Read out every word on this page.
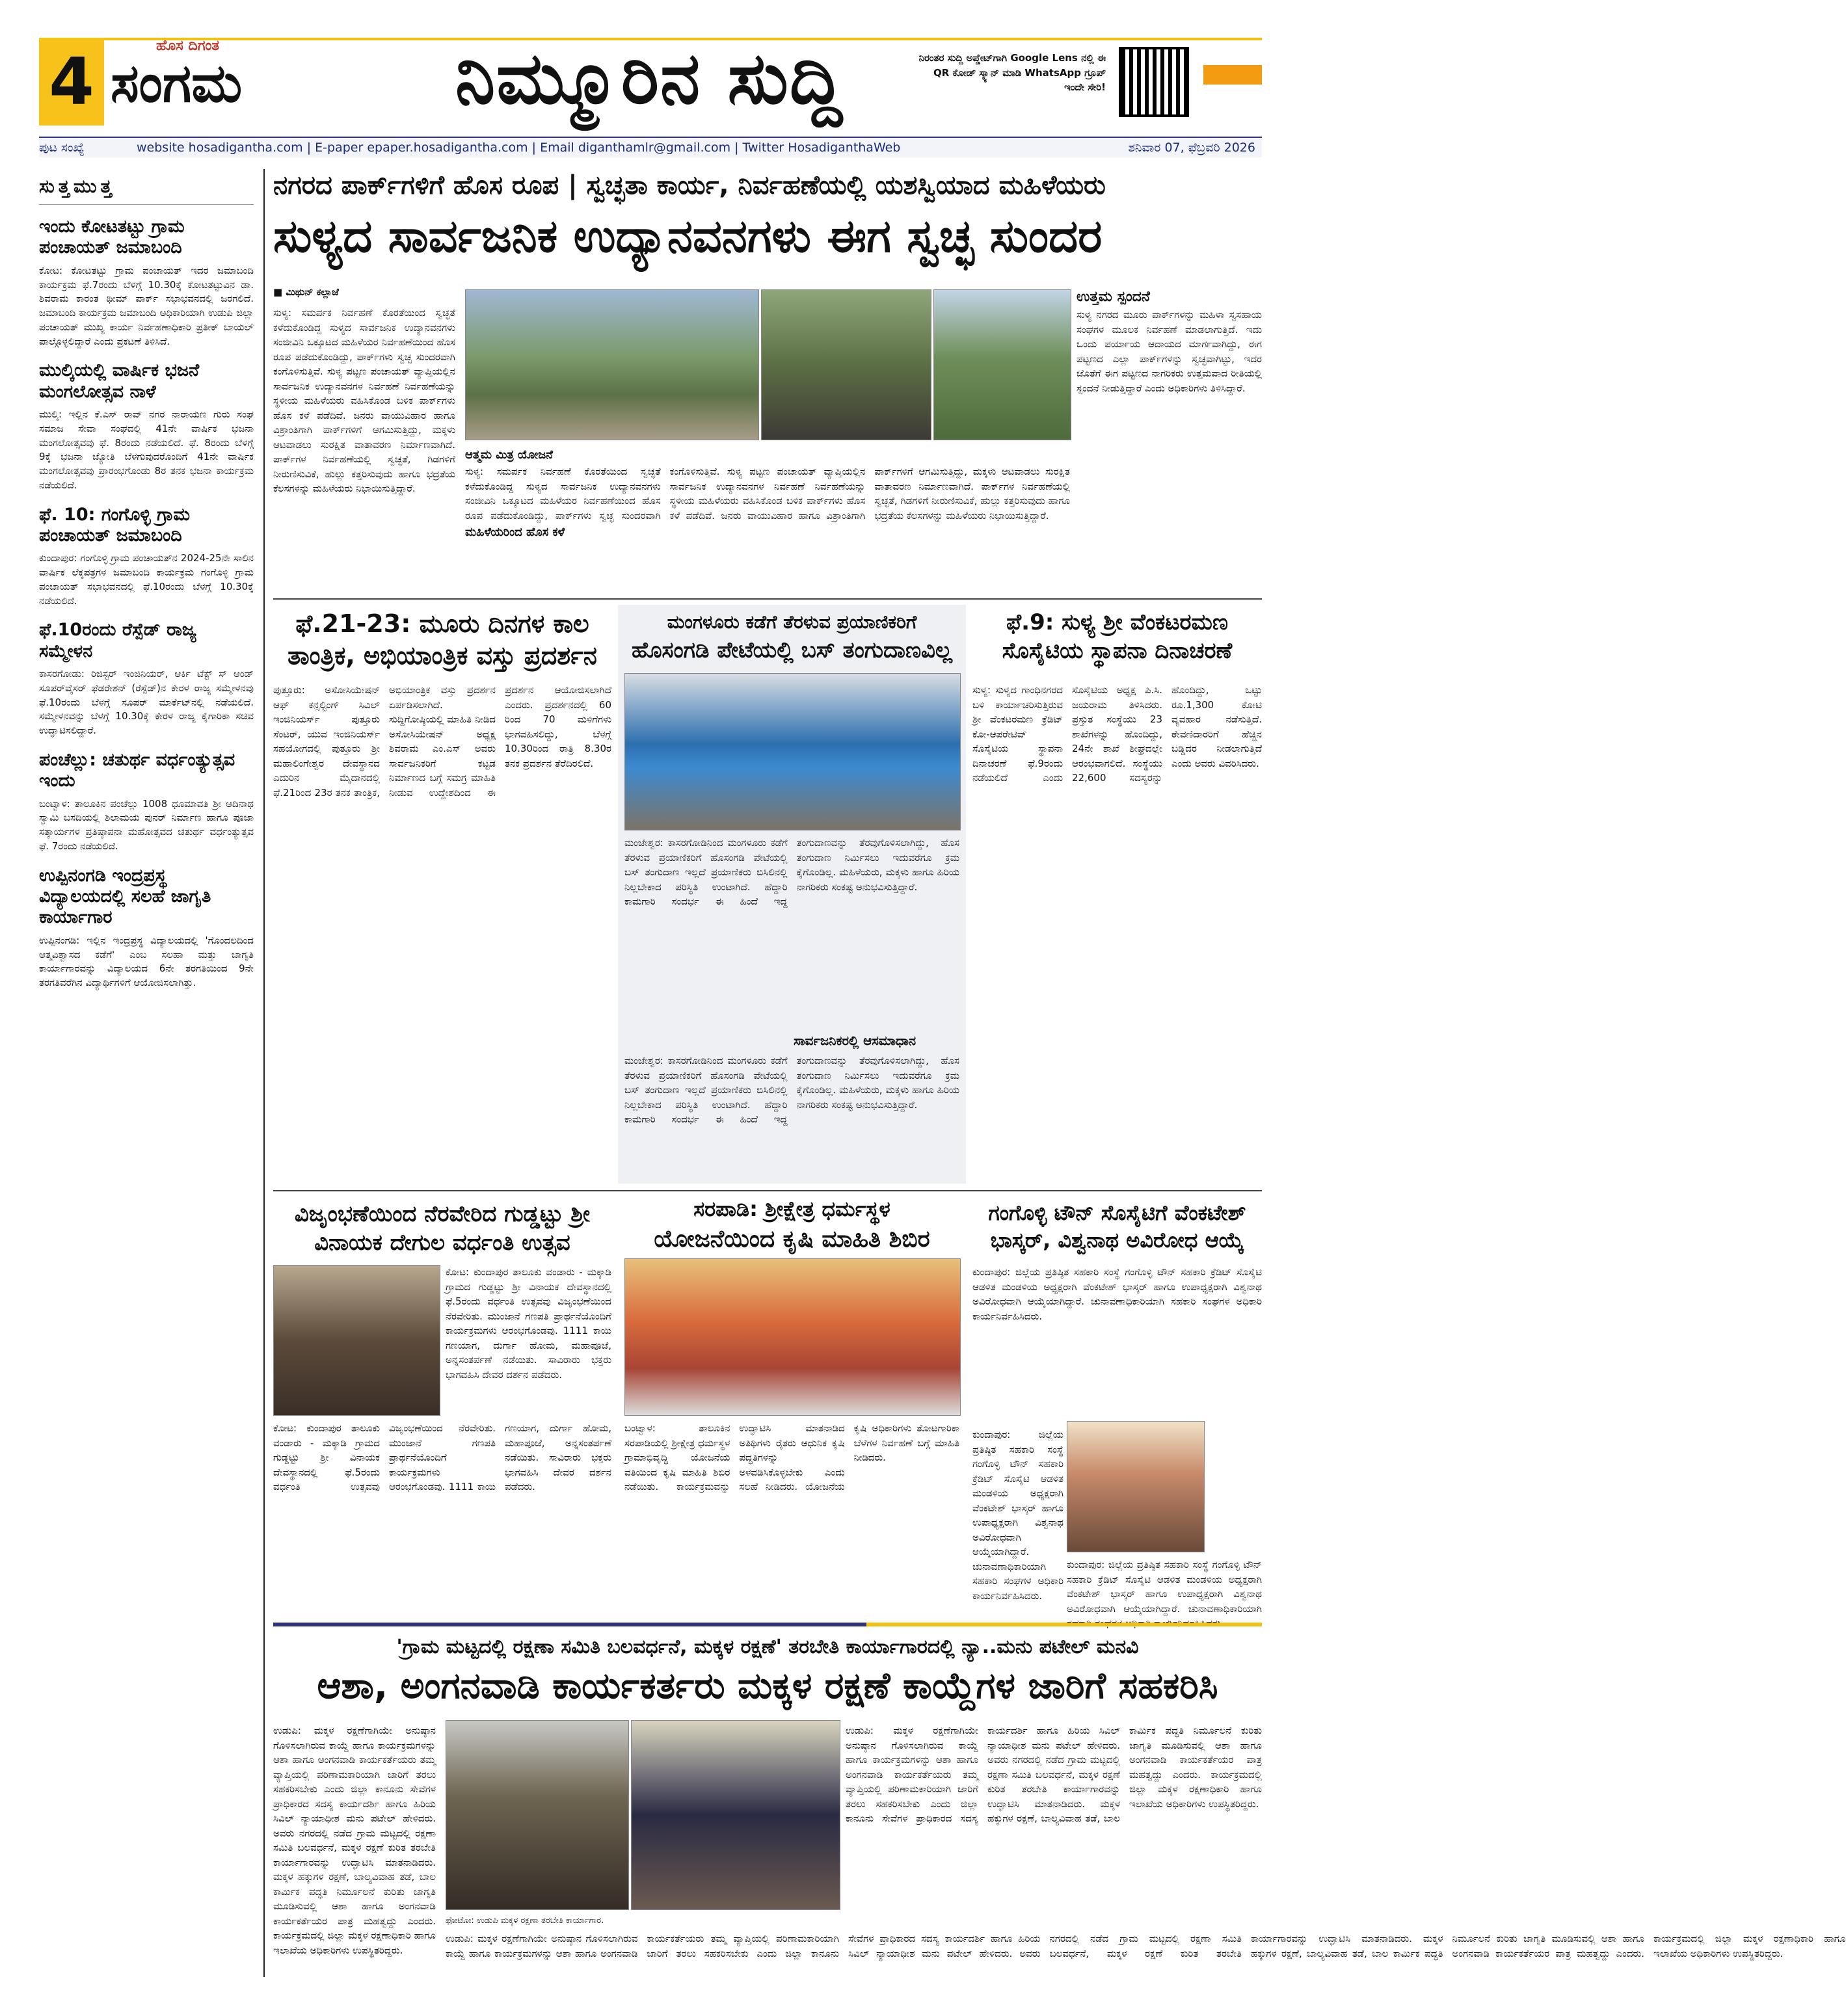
4	ಹೊಸ ದಿಗಂತ
ಸಂಗಮ	ನಿಮ್ಮೂರಿನ ಸುದ್ದಿ	ನಿರಂತರ ಸುದ್ದಿ ಅಪ್ಡೇಟ್‌ಗಾಗಿ Google Lens ನಲ್ಲಿ ಈ QR ಕೋಡ್ ಸ್ಕ್ಯಾನ್ ಮಾಡಿ WhatsApp ಗ್ರೂಪ್ ಇಂದೇ ಸೇರಿ!
ಪುಟ ಸಂಖ್ಯೆ	website hosadigantha.com | E-paper epaper.hosadigantha.com | Email diganthamlr@gmail.com | Twitter HosadiganthaWeb	ಶನಿವಾರ 07, ಫೆಬ್ರವರಿ 2026
ಸುತ್ತಮುತ್ತ
ಇಂದು ಕೋಟತಟ್ಟು ಗ್ರಾಮ ಪಂಚಾಯತ್ ಜಮಾಬಂದಿ

ಕೋಟ: ಕೋಟತಟ್ಟು ಗ್ರಾಮ ಪಂಚಾಯತ್ ಇದರ ಜಮಾಬಂದಿ ಕಾರ್ಯಕ್ರಮ ಫೆ.7ರಂದು ಬೆಳಗ್ಗೆ 10.30ಕ್ಕೆ ಕೋಟತಟ್ಟುವಿನ ಡಾ. ಶಿವರಾಮ ಕಾರಂತ ಥೀಮ್ ಪಾರ್ಕ್ ಸಭಾಭವನದಲ್ಲಿ ಜರಗಲಿದೆ. ಜಮಾಬಂದಿ ಕಾರ್ಯಕ್ರಮ ಜಮಾಬಂದಿ ಅಧಿಕಾರಿಯಾಗಿ ಉಡುಪಿ ಜಿಲ್ಲಾ ಪಂಚಾಯತ್ ಮುಖ್ಯ ಕಾರ್ಯ ನಿರ್ವಹಣಾಧಿಕಾರಿ ಪ್ರತೀಕ್ ಬಾಯಲ್ ಪಾಲ್ಗೊಳ್ಳಲಿದ್ದಾರೆ ಎಂದು ಪ್ರಕಟಣೆ ತಿಳಿಸಿದೆ.

ಮುಲ್ಕಿಯಲ್ಲಿ ವಾರ್ಷಿಕ ಭಜನೆ ಮಂಗಲೋತ್ಸವ ನಾಳೆ

ಮುಲ್ಕಿ: ಇಲ್ಲಿನ ಕೆ.ಎಸ್ ರಾವ್ ನಗರ ನಾರಾಯಣ ಗುರು ಸಂಘ ಸಮಾಜ ಸೇವಾ ಸಂಘದಲ್ಲಿ 41ನೇ ವಾರ್ಷಿಕ ಭಜನಾ ಮಂಗಲೋತ್ಸವವು ಫೆ. 8ರಂದು ನಡೆಯಲಿದೆ. ಫೆ. 8ರಂದು ಬೆಳಗ್ಗೆ 9ಕ್ಕೆ ಭಜನಾ ಜ್ಯೋತಿ ಬೆಳಗುವುದರೊಂದಿಗೆ 41ನೇ ವಾರ್ಷಿಕ ಮಂಗಲೋತ್ಸವವು ಪ್ರಾರಂಭಗೊಂಡು 8ರ ತನಕ ಭಜನಾ ಕಾರ್ಯಕ್ರಮ ನಡೆಯಲಿದೆ.

ಫೆ. 10: ಗಂಗೊಳ್ಳಿ ಗ್ರಾಮ ಪಂಚಾಯತ್ ಜಮಾಬಂದಿ

ಕುಂದಾಪುರ: ಗಂಗೊಳ್ಳಿ ಗ್ರಾಮ ಪಂಚಾಯತ್‌ನ 2024-25ನೇ ಸಾಲಿನ ವಾರ್ಷಿಕ ಲೆಕ್ಕಪತ್ರಗಳ ಜಮಾಬಂದಿ ಕಾರ್ಯಕ್ರಮ ಗಂಗೊಳ್ಳಿ ಗ್ರಾಮ ಪಂಚಾಯತ್ ಸಭಾಭವನದಲ್ಲಿ ಫೆ.10ರಂದು ಬೆಳಗ್ಗೆ 10.30ಕ್ಕೆ ನಡೆಯಲಿದೆ.

ಫೆ.10ರಂದು ರೆಸ್ಪೆಡ್ ರಾಜ್ಯ ಸಮ್ಮೇಳನ

ಕಾಸರಗೋಡು: ರಿಜಿಸ್ಟರ್ ಇಂಜಿನಿಯರ್, ಆರ್ಕಿ ಟೆಕ್ಟ್ ಸ್ ಆಂಡ್ ಸೂಪರ್‌ವೈಸರ್ ಫೆಡರೇಶನ್ (ರೆಸ್ಪೆಡ್)ನ ಕೇರಳ ರಾಜ್ಯ ಸಮ್ಮೇಳನವು ಫೆ.10ರಂದು ಬೆಳಗ್ಗೆ ಸೂಪರ್ ಮಾರ್ಕೆಟ್‌ನಲ್ಲಿ ನಡೆಯಲಿದೆ. ಸಮ್ಮೇಳನವನ್ನು ಬೆಳಗ್ಗೆ 10.30ಕ್ಕೆ ಕೇರಳ ರಾಜ್ಯ ಕೈಗಾರಿಕಾ ಸಚಿವ ಉದ್ಘಾಟಿಸಲಿದ್ದಾರೆ.

ಪಂಚೆಲ್ಲು: ಚತುರ್ಥ ವರ್ಧಂತ್ಯುತ್ಸವ ಇಂದು

ಬಂಟ್ವಾಳ: ತಾಲೂಕಿನ ಪಂಚೆಲ್ಲು 1008 ಧೂಮಾವತಿ ಶ್ರೀ ಆದಿನಾಥ ಸ್ವಾಮಿ ಬಸದಿಯಲ್ಲಿ ಶಿಲಾಮಯ ಪುನರ್ ನಿರ್ಮಾಣ ಹಾಗೂ ಪೂಜಾ ಸತ್ಕಾರ್ಯಗಳ ಪ್ರತಿಷ್ಠಾಪನಾ ಮಹೋತ್ಸವದ ಚತುರ್ಥ ವರ್ಧಂತ್ಯುತ್ಸವ ಫೆ. 7ರಂದು ನಡೆಯಲಿದೆ.

ಉಪ್ಪಿನಂಗಡಿ ಇಂದ್ರಪ್ರಸ್ಥ ವಿದ್ಯಾಲಯದಲ್ಲಿ ಸಲಹೆ ಜಾಗೃತಿ ಕಾರ್ಯಾಗಾರ

ಉಪ್ಪಿನಂಗಡಿ: ಇಲ್ಲಿನ ಇಂದ್ರಪ್ರಸ್ಥ ವಿದ್ಯಾಲಯದಲ್ಲಿ 'ಗೊಂದಲದಿಂದ ಆತ್ಮವಿಶ್ವಾಸದ ಕಡೆಗೆ' ಎಂಬ ಸಲಹಾ ಮತ್ತು ಜಾಗೃತಿ ಕಾರ್ಯಾಗಾರವನ್ನು ವಿದ್ಯಾಲಯದ 6ನೇ ತರಗತಿಯಿಂದ 9ನೇ ತರಗತಿವರೆಗಿನ ವಿದ್ಯಾರ್ಥಿಗಳಿಗೆ ಆಯೋಜಿಸಲಾಗಿತ್ತು.

ನಗರದ ಪಾರ್ಕ್‌ಗಳಿಗೆ ಹೊಸ ರೂಪ | ಸ್ವಚ್ಛತಾ ಕಾರ್ಯ, ನಿರ್ವಹಣೆಯಲ್ಲಿ ಯಶಸ್ವಿಯಾದ ಮಹಿಳೆಯರು
ಸುಳ್ಯದ ಸಾರ್ವಜನಿಕ ಉದ್ಯಾನವನಗಳು ಈಗ ಸ್ವಚ್ಛ ಸುಂದರ
■ ಮಿಥುನ್ ಕಲ್ಲಾಜೆ
ಸುಳ್ಯ: ಸಮರ್ಪಕ ನಿರ್ವಹಣೆ ಕೊರತೆಯಿಂದ ಸ್ವಚ್ಛತೆ ಕಳೆದುಕೊಂಡಿದ್ದ ಸುಳ್ಯದ ಸಾರ್ವಜನಿಕ ಉದ್ಯಾನವನಗಳು ಸಂಜೀವಿನಿ ಒಕ್ಕೂಟದ ಮಹಿಳೆಯರ ನಿರ್ವಹಣೆಯಿಂದ ಹೊಸ ರೂಪ ಪಡೆದುಕೊಂಡಿದ್ದು, ಪಾರ್ಕ್‌ಗಳು ಸ್ವಚ್ಛ ಸುಂದರವಾಗಿ ಕಂಗೊಳಿಸುತ್ತಿವೆ. ಸುಳ್ಯ ಪಟ್ಟಣ ಪಂಚಾಯತ್ ವ್ಯಾಪ್ತಿಯಲ್ಲಿನ ಸಾರ್ವಜನಿಕ ಉದ್ಯಾನವನಗಳ ನಿರ್ವಹಣೆ ನಿರ್ವಹಣೆಯನ್ನು ಸ್ಥಳೀಯ ಮಹಿಳೆಯರು ವಹಿಸಿಕೊಂಡ ಬಳಿಕ ಪಾರ್ಕ್‌ಗಳು ಹೊಸ ಕಳೆ ಪಡೆದಿವೆ. ಜನರು ವಾಯುವಿಹಾರ ಹಾಗೂ ವಿಶ್ರಾಂತಿಗಾಗಿ ಪಾರ್ಕ್‌ಗಳಿಗೆ ಆಗಮಿಸುತ್ತಿದ್ದು, ಮಕ್ಕಳು ಆಟವಾಡಲು ಸುರಕ್ಷಿತ ವಾತಾವರಣ ನಿರ್ಮಾಣವಾಗಿದೆ. ಪಾರ್ಕ್‌ಗಳ ನಿರ್ವಹಣೆಯಲ್ಲಿ ಸ್ವಚ್ಛತೆ, ಗಿಡಗಳಿಗೆ ನೀರುಣಿಸುವಿಕೆ, ಹುಲ್ಲು ಕತ್ತರಿಸುವುದು ಹಾಗೂ ಭದ್ರತೆಯ ಕೆಲಸಗಳನ್ನು ಮಹಿಳೆಯರು ನಿಭಾಯಿಸುತ್ತಿದ್ದಾರೆ.
ಆತ್ಮಮ ಮಿತ್ರ ಯೋಜನೆ

ಸುಳ್ಯ: ಸಮರ್ಪಕ ನಿರ್ವಹಣೆ ಕೊರತೆಯಿಂದ ಸ್ವಚ್ಛತೆ ಕಳೆದುಕೊಂಡಿದ್ದ ಸುಳ್ಯದ ಸಾರ್ವಜನಿಕ ಉದ್ಯಾನವನಗಳು ಸಂಜೀವಿನಿ ಒಕ್ಕೂಟದ ಮಹಿಳೆಯರ ನಿರ್ವಹಣೆಯಿಂದ ಹೊಸ ರೂಪ ಪಡೆದುಕೊಂಡಿದ್ದು, ಪಾರ್ಕ್‌ಗಳು ಸ್ವಚ್ಛ ಸುಂದರವಾಗಿ ಕಂಗೊಳಿಸುತ್ತಿವೆ. ಸುಳ್ಯ ಪಟ್ಟಣ ಪಂಚಾಯತ್ ವ್ಯಾಪ್ತಿಯಲ್ಲಿನ ಸಾರ್ವಜನಿಕ ಉದ್ಯಾನವನಗಳ ನಿರ್ವಹಣೆ ನಿರ್ವಹಣೆಯನ್ನು ಸ್ಥಳೀಯ ಮಹಿಳೆಯರು ವಹಿಸಿಕೊಂಡ ಬಳಿಕ ಪಾರ್ಕ್‌ಗಳು ಹೊಸ ಕಳೆ ಪಡೆದಿವೆ. ಜನರು ವಾಯುವಿಹಾರ ಹಾಗೂ ವಿಶ್ರಾಂತಿಗಾಗಿ ಪಾರ್ಕ್‌ಗಳಿಗೆ ಆಗಮಿಸುತ್ತಿದ್ದು, ಮಕ್ಕಳು ಆಟವಾಡಲು ಸುರಕ್ಷಿತ ವಾತಾವರಣ ನಿರ್ಮಾಣವಾಗಿದೆ. ಪಾರ್ಕ್‌ಗಳ ನಿರ್ವಹಣೆಯಲ್ಲಿ ಸ್ವಚ್ಛತೆ, ಗಿಡಗಳಿಗೆ ನೀರುಣಿಸುವಿಕೆ, ಹುಲ್ಲು ಕತ್ತರಿಸುವುದು ಹಾಗೂ ಭದ್ರತೆಯ ಕೆಲಸಗಳನ್ನು ಮಹಿಳೆಯರು ನಿಭಾಯಿಸುತ್ತಿದ್ದಾರೆ.

ಮಹಿಳೆಯರಿಂದ ಹೊಸ ಕಳೆ
ಉತ್ತಮ ಸ್ಪಂದನೆ

ಸುಳ್ಯ ನಗರದ ಮೂರು ಪಾರ್ಕ್‌ಗಳನ್ನು ಮಹಿಳಾ ಸ್ವಸಹಾಯ ಸಂಘಗಳ ಮೂಲಕ ನಿರ್ವಹಣೆ ಮಾಡಲಾಗುತ್ತಿದೆ. ಇದು ಒಂದು ಪರ್ಯಾಯ ಆದಾಯದ ಮಾರ್ಗವಾಗಿದ್ದು, ಈಗ ಪಟ್ಟಣದ ಎಲ್ಲಾ ಪಾರ್ಕ್‌ಗಳನ್ನು ಸ್ವಚ್ಛವಾಗಿಟ್ಟು, ಇದರ ಜೊತೆಗೆ ಈಗ ಪಟ್ಟಣದ ನಾಗರಿಕರು ಉತ್ತಮವಾದ ರೀತಿಯಲ್ಲಿ ಸ್ಪಂದನೆ ನೀಡುತ್ತಿದ್ದಾರೆ ಎಂದು ಅಧಿಕಾರಿಗಳು ತಿಳಿಸಿದ್ದಾರೆ.

ಫೆ.21-23: ಮೂರು ದಿನಗಳ ಕಾಲ ತಾಂತ್ರಿಕ, ಅಭಿಯಾಂತ್ರಿಕ ವಸ್ತು ಪ್ರದರ್ಶನ
ಪುತ್ತೂರು: ಅಸೋಸಿಯೇಷನ್ ಆಫ್ ಕನ್ಸಲ್ಟಿಂಗ್ ಸಿವಿಲ್ ಇಂಜಿನಿಯರ್ಸ್ ಪುತ್ತೂರು ಸೆಂಟರ್, ಯುವ ಇಂಜಿನಿಯರ್ಸ್ ಸಹಯೋಗದಲ್ಲಿ ಪುತ್ತೂರು ಶ್ರೀ ಮಹಾಲಿಂಗೇಶ್ವರ ದೇವಸ್ಥಾನದ ಎದುರಿನ ಮೈದಾನದಲ್ಲಿ ಫೆ.21ರಿಂದ 23ರ ತನಕ ತಾಂತ್ರಿಕ, ಅಭಿಯಾಂತ್ರಿಕ ವಸ್ತು ಪ್ರದರ್ಶನ ಏರ್ಪಡಿಸಲಾಗಿದೆ. ಸುದ್ದಿಗೋಷ್ಠಿಯಲ್ಲಿ ಮಾಹಿತಿ ನೀಡಿದ ಅಸೋಸಿಯೇಷನ್ ಅಧ್ಯಕ್ಷ ಶಿವರಾಮ ಎಂ.ಎಸ್ ಅವರು ಸಾರ್ವಜನಿಕರಿಗೆ ಕಟ್ಟಡ ನಿರ್ಮಾಣದ ಬಗ್ಗೆ ಸಮಗ್ರ ಮಾಹಿತಿ ನೀಡುವ ಉದ್ದೇಶದಿಂದ ಈ ಪ್ರದರ್ಶನ ಆಯೋಜಿಸಲಾಗಿದೆ ಎಂದರು. ಪ್ರದರ್ಶನದಲ್ಲಿ 60 ರಿಂದ 70 ಮಳಿಗೆಗಳು ಭಾಗವಹಿಸಲಿದ್ದು, ಬೆಳಗ್ಗೆ 10.30ರಿಂದ ರಾತ್ರಿ 8.30ರ ತನಕ ಪ್ರದರ್ಶನ ತೆರೆದಿರಲಿದೆ.
ಮಂಗಳೂರು ಕಡೆಗೆ ತೆರಳುವ ಪ್ರಯಾಣಿಕರಿಗೆ
ಹೊಸಂಗಡಿ ಪೇಟೆಯಲ್ಲಿ ಬಸ್ ತಂಗುದಾಣವಿಲ್ಲ
ಮಂಜೇಶ್ವರ: ಕಾಸರಗೋಡಿನಿಂದ ಮಂಗಳೂರು ಕಡೆಗೆ ತೆರಳುವ ಪ್ರಯಾಣಿಕರಿಗೆ ಹೊಸಂಗಡಿ ಪೇಟೆಯಲ್ಲಿ ಬಸ್ ತಂಗುದಾಣ ಇಲ್ಲದೆ ಪ್ರಯಾಣಿಕರು ಬಿಸಿಲಿನಲ್ಲಿ ನಿಲ್ಲಬೇಕಾದ ಪರಿಸ್ಥಿತಿ ಉಂಟಾಗಿದೆ. ಹೆದ್ದಾರಿ ಕಾಮಗಾರಿ ಸಂದರ್ಭ ಈ ಹಿಂದೆ ಇದ್ದ ತಂಗುದಾಣವನ್ನು ತೆರವುಗೊಳಿಸಲಾಗಿದ್ದು, ಹೊಸ ತಂಗುದಾಣ ನಿರ್ಮಿಸಲು ಇದುವರೆಗೂ ಕ್ರಮ ಕೈಗೊಂಡಿಲ್ಲ. ಮಹಿಳೆಯರು, ಮಕ್ಕಳು ಹಾಗೂ ಹಿರಿಯ ನಾಗರಿಕರು ಸಂಕಷ್ಟ ಅನುಭವಿಸುತ್ತಿದ್ದಾರೆ.
ಸಾರ್ವಜನಿಕರಲ್ಲಿ ಆಸಮಾಧಾನ
ಮಂಜೇಶ್ವರ: ಕಾಸರಗೋಡಿನಿಂದ ಮಂಗಳೂರು ಕಡೆಗೆ ತೆರಳುವ ಪ್ರಯಾಣಿಕರಿಗೆ ಹೊಸಂಗಡಿ ಪೇಟೆಯಲ್ಲಿ ಬಸ್ ತಂಗುದಾಣ ಇಲ್ಲದೆ ಪ್ರಯಾಣಿಕರು ಬಿಸಿಲಿನಲ್ಲಿ ನಿಲ್ಲಬೇಕಾದ ಪರಿಸ್ಥಿತಿ ಉಂಟಾಗಿದೆ. ಹೆದ್ದಾರಿ ಕಾಮಗಾರಿ ಸಂದರ್ಭ ಈ ಹಿಂದೆ ಇದ್ದ ತಂಗುದಾಣವನ್ನು ತೆರವುಗೊಳಿಸಲಾಗಿದ್ದು, ಹೊಸ ತಂಗುದಾಣ ನಿರ್ಮಿಸಲು ಇದುವರೆಗೂ ಕ್ರಮ ಕೈಗೊಂಡಿಲ್ಲ. ಮಹಿಳೆಯರು, ಮಕ್ಕಳು ಹಾಗೂ ಹಿರಿಯ ನಾಗರಿಕರು ಸಂಕಷ್ಟ ಅನುಭವಿಸುತ್ತಿದ್ದಾರೆ.
ಫೆ.9: ಸುಳ್ಯ ಶ್ರೀ ವೆಂಕಟರಮಣ ಸೊಸೈಟಿಯ ಸ್ಥಾಪನಾ ದಿನಾಚರಣೆ
ಸುಳ್ಯ: ಸುಳ್ಯದ ಗಾಂಧಿನಗರದ ಬಳಿ ಕಾರ್ಯಾಚರಿಸುತ್ತಿರುವ ಶ್ರೀ ವೆಂಕಟರಮಣ ಕ್ರೆಡಿಟ್ ಕೋ-ಆಪರೇಟಿವ್ ಸೊಸೈಟಿಯ ಸ್ಥಾಪನಾ ದಿನಾಚರಣೆ ಫೆ.9ರಂದು ನಡೆಯಲಿದೆ ಎಂದು ಸೊಸೈಟಿಯ ಅಧ್ಯಕ್ಷ ಪಿ.ಸಿ. ಜಯರಾಮ ತಿಳಿಸಿದರು. ಪ್ರಸ್ತುತ ಸಂಸ್ಥೆಯು 23 ಶಾಖೆಗಳನ್ನು ಹೊಂದಿದ್ದು, 24ನೇ ಶಾಖೆ ಶೀಘ್ರದಲ್ಲೇ ಆರಂಭವಾಗಲಿದೆ. ಸಂಸ್ಥೆಯು 22,600 ಸದಸ್ಯರನ್ನು ಹೊಂದಿದ್ದು, ಒಟ್ಟು ರೂ.1,300 ಕೋಟಿ ವ್ಯವಹಾರ ನಡೆಸುತ್ತಿದೆ. ಠೇವಣಿದಾರರಿಗೆ ಹೆಚ್ಚಿನ ಬಡ್ಡಿದರ ನೀಡಲಾಗುತ್ತಿದೆ ಎಂದು ಅವರು ವಿವರಿಸಿದರು.
ವಿಜೃಂಭಣೆಯಿಂದ ನೆರವೇರಿದ ಗುಡ್ಡಟ್ಟು ಶ್ರೀ ವಿನಾಯಕ ದೇಗುಲ ವರ್ಧಂತಿ ಉತ್ಸವ
ಕೋಟ: ಕುಂದಾಪುರ ತಾಲೂಕು ವಂಡಾರು - ಮಕ್ಕಾಡಿ ಗ್ರಾಮದ ಗುಡ್ಡಟ್ಟು ಶ್ರೀ ವಿನಾಯಕ ದೇವಸ್ಥಾನದಲ್ಲಿ ಫೆ.5ರಂದು ವರ್ಧಂತಿ ಉತ್ಸವವು ವಿಜೃಂಭಣೆಯಿಂದ ನೆರವೇರಿತು. ಮುಂಜಾನೆ ಗಣಪತಿ ಪ್ರಾರ್ಥನೆಯೊಂದಿಗೆ ಕಾರ್ಯಕ್ರಮಗಳು ಆರಂಭಗೊಂಡವು. 1111 ಕಾಯಿ ಗಣಯಾಗ, ದುರ್ಗಾ ಹೋಮ, ಮಹಾಪೂಜೆ, ಅನ್ನಸಂತರ್ಪಣೆ ನಡೆಯಿತು. ಸಾವಿರಾರು ಭಕ್ತರು ಭಾಗವಹಿಸಿ ದೇವರ ದರ್ಶನ ಪಡೆದರು.
ಕೋಟ: ಕುಂದಾಪುರ ತಾಲೂಕು ವಂಡಾರು - ಮಕ್ಕಾಡಿ ಗ್ರಾಮದ ಗುಡ್ಡಟ್ಟು ಶ್ರೀ ವಿನಾಯಕ ದೇವಸ್ಥಾನದಲ್ಲಿ ಫೆ.5ರಂದು ವರ್ಧಂತಿ ಉತ್ಸವವು ವಿಜೃಂಭಣೆಯಿಂದ ನೆರವೇರಿತು. ಮುಂಜಾನೆ ಗಣಪತಿ ಪ್ರಾರ್ಥನೆಯೊಂದಿಗೆ ಕಾರ್ಯಕ್ರಮಗಳು ಆರಂಭಗೊಂಡವು. 1111 ಕಾಯಿ ಗಣಯಾಗ, ದುರ್ಗಾ ಹೋಮ, ಮಹಾಪೂಜೆ, ಅನ್ನಸಂತರ್ಪಣೆ ನಡೆಯಿತು. ಸಾವಿರಾರು ಭಕ್ತರು ಭಾಗವಹಿಸಿ ದೇವರ ದರ್ಶನ ಪಡೆದರು.
ಸರಪಾಡಿ: ಶ್ರೀಕ್ಷೇತ್ರ ಧರ್ಮಸ್ಥಳ
ಯೋಜನೆಯಿಂದ ಕೃಷಿ ಮಾಹಿತಿ ಶಿಬಿರ
ಬಂಟ್ವಾಳ: ತಾಲೂಕಿನ ಸರಪಾಡಿಯಲ್ಲಿ ಶ್ರೀಕ್ಷೇತ್ರ ಧರ್ಮಸ್ಥಳ ಗ್ರಾಮಾಭಿವೃದ್ಧಿ ಯೋಜನೆಯ ವತಿಯಿಂದ ಕೃಷಿ ಮಾಹಿತಿ ಶಿಬಿರ ನಡೆಯಿತು. ಕಾರ್ಯಕ್ರಮವನ್ನು ಉದ್ಘಾಟಿಸಿ ಮಾತನಾಡಿದ ಅತಿಥಿಗಳು ರೈತರು ಆಧುನಿಕ ಕೃಷಿ ಪದ್ಧತಿಗಳನ್ನು ಅಳವಡಿಸಿಕೊಳ್ಳಬೇಕು ಎಂದು ಸಲಹೆ ನೀಡಿದರು. ಯೋಜನೆಯ ಕೃಷಿ ಅಧಿಕಾರಿಗಳು ತೋಟಗಾರಿಕಾ ಬೆಳೆಗಳ ನಿರ್ವಹಣೆ ಬಗ್ಗೆ ಮಾಹಿತಿ ನೀಡಿದರು.
ಗಂಗೊಳ್ಳಿ ಟೌನ್ ಸೊಸೈಟಿಗೆ ವೆಂಕಟೇಶ್ ಭಾಸ್ಕರ್, ವಿಶ್ವನಾಥ ಅವಿರೋಧ ಆಯ್ಕೆ
ಕುಂದಾಪುರ: ಜಿಲ್ಲೆಯ ಪ್ರತಿಷ್ಠಿತ ಸಹಕಾರಿ ಸಂಸ್ಥೆ ಗಂಗೊಳ್ಳಿ ಟೌನ್ ಸಹಕಾರಿ ಕ್ರೆಡಿಟ್ ಸೊಸೈಟಿ ಆಡಳಿತ ಮಂಡಳಿಯ ಅಧ್ಯಕ್ಷರಾಗಿ ವೆಂಕಟೇಶ್ ಭಾಸ್ಕರ್ ಹಾಗೂ ಉಪಾಧ್ಯಕ್ಷರಾಗಿ ವಿಶ್ವನಾಥ ಅವಿರೋಧವಾಗಿ ಆಯ್ಕೆಯಾಗಿದ್ದಾರೆ. ಚುನಾವಣಾಧಿಕಾರಿಯಾಗಿ ಸಹಕಾರಿ ಸಂಘಗಳ ಅಧಿಕಾರಿ ಕಾರ್ಯನಿರ್ವಹಿಸಿದರು.
ಕುಂದಾಪುರ: ಜಿಲ್ಲೆಯ ಪ್ರತಿಷ್ಠಿತ ಸಹಕಾರಿ ಸಂಸ್ಥೆ ಗಂಗೊಳ್ಳಿ ಟೌನ್ ಸಹಕಾರಿ ಕ್ರೆಡಿಟ್ ಸೊಸೈಟಿ ಆಡಳಿತ ಮಂಡಳಿಯ ಅಧ್ಯಕ್ಷರಾಗಿ ವೆಂಕಟೇಶ್ ಭಾಸ್ಕರ್ ಹಾಗೂ ಉಪಾಧ್ಯಕ್ಷರಾಗಿ ವಿಶ್ವನಾಥ ಅವಿರೋಧವಾಗಿ ಆಯ್ಕೆಯಾಗಿದ್ದಾರೆ. ಚುನಾವಣಾಧಿಕಾರಿಯಾಗಿ ಸಹಕಾರಿ ಸಂಘಗಳ ಅಧಿಕಾರಿ ಕಾರ್ಯನಿರ್ವಹಿಸಿದರು.
ಕುಂದಾಪುರ: ಜಿಲ್ಲೆಯ ಪ್ರತಿಷ್ಠಿತ ಸಹಕಾರಿ ಸಂಸ್ಥೆ ಗಂಗೊಳ್ಳಿ ಟೌನ್ ಸಹಕಾರಿ ಕ್ರೆಡಿಟ್ ಸೊಸೈಟಿ ಆಡಳಿತ ಮಂಡಳಿಯ ಅಧ್ಯಕ್ಷರಾಗಿ ವೆಂಕಟೇಶ್ ಭಾಸ್ಕರ್ ಹಾಗೂ ಉಪಾಧ್ಯಕ್ಷರಾಗಿ ವಿಶ್ವನಾಥ ಅವಿರೋಧವಾಗಿ ಆಯ್ಕೆಯಾಗಿದ್ದಾರೆ. ಚುನಾವಣಾಧಿಕಾರಿಯಾಗಿ
'ಗ್ರಾಮ ಮಟ್ಟದಲ್ಲಿ ರಕ್ಷಣಾ ಸಮಿತಿ ಬಲವರ್ಧನೆ, ಮಕ್ಕಳ ರಕ್ಷಣೆ' ತರಬೇತಿ ಕಾರ್ಯಾಗಾರದಲ್ಲಿ ನ್ಯಾ..ಮನು ಪಟೇಲ್ ಮನವಿ
ಆಶಾ, ಅಂಗನವಾಡಿ ಕಾರ್ಯಕರ್ತರು ಮಕ್ಕಳ ರಕ್ಷಣೆ ಕಾಯ್ದೆಗಳ ಜಾರಿಗೆ ಸಹಕರಿಸಿ
ಉಡುಪಿ: ಮಕ್ಕಳ ರಕ್ಷಣೆಗಾಗಿಯೇ ಅನುಷ್ಠಾನ ಗೊಳಿಸಲಾಗಿರುವ ಕಾಯ್ದೆ ಹಾಗೂ ಕಾರ್ಯಕ್ರಮಗಳನ್ನು ಆಶಾ ಹಾಗೂ ಅಂಗನವಾಡಿ ಕಾರ್ಯಕರ್ತೆಯರು ತಮ್ಮ ವ್ಯಾಪ್ತಿಯಲ್ಲಿ ಪರಿಣಾಮಕಾರಿಯಾಗಿ ಜಾರಿಗೆ ತರಲು ಸಹಕರಿಸಬೇಕು ಎಂದು ಜಿಲ್ಲಾ ಕಾನೂನು ಸೇವೆಗಳ ಪ್ರಾಧಿಕಾರದ ಸದಸ್ಯ ಕಾರ್ಯದರ್ಶಿ ಹಾಗೂ ಹಿರಿಯ ಸಿವಿಲ್ ನ್ಯಾಯಾಧೀಶ ಮನು ಪಟೇಲ್ ಹೇಳಿದರು. ಅವರು ನಗರದಲ್ಲಿ ನಡೆದ ಗ್ರಾಮ ಮಟ್ಟದಲ್ಲಿ ರಕ್ಷಣಾ ಸಮಿತಿ ಬಲವರ್ಧನೆ, ಮಕ್ಕಳ ರಕ್ಷಣೆ ಕುರಿತ ತರಬೇತಿ ಕಾರ್ಯಾಗಾರವನ್ನು ಉದ್ಘಾಟಿಸಿ ಮಾತನಾಡಿದರು. ಮಕ್ಕಳ ಹಕ್ಕುಗಳ ರಕ್ಷಣೆ, ಬಾಲ್ಯವಿವಾಹ ತಡೆ, ಬಾಲ ಕಾರ್ಮಿಕ ಪದ್ಧತಿ ನಿರ್ಮೂಲನೆ ಕುರಿತು ಜಾಗೃತಿ ಮೂಡಿಸುವಲ್ಲಿ ಆಶಾ ಹಾಗೂ ಅಂಗನವಾಡಿ ಕಾರ್ಯಕರ್ತೆಯರ ಪಾತ್ರ ಮಹತ್ವದ್ದು ಎಂದರು. ಕಾರ್ಯಕ್ರಮದಲ್ಲಿ ಜಿಲ್ಲಾ ಮಕ್ಕಳ ರಕ್ಷಣಾಧಿಕಾರಿ ಹಾಗೂ ಇಲಾಖೆಯ ಅಧಿಕಾರಿಗಳು ಉಪಸ್ಥಿತರಿದ್ದರು.
ಫೋಟೋ: ಉಡುಪಿ ಮಕ್ಕಳ ರಕ್ಷಣಾ ತರಬೇತಿ ಕಾರ್ಯಾಗಾರ.
ಉಡುಪಿ: ಮಕ್ಕಳ ರಕ್ಷಣೆಗಾಗಿಯೇ ಅನುಷ್ಠಾನ ಗೊಳಿಸಲಾಗಿರುವ ಕಾಯ್ದೆ ಹಾಗೂ ಕಾರ್ಯಕ್ರಮಗಳನ್ನು ಆಶಾ ಹಾಗೂ ಅಂಗನವಾಡಿ ಕಾರ್ಯಕರ್ತೆಯರು ತಮ್ಮ ವ್ಯಾಪ್ತಿಯಲ್ಲಿ ಪರಿಣಾಮಕಾರಿಯಾಗಿ ಜಾರಿಗೆ ತರಲು ಸಹಕರಿಸಬೇಕು ಎಂದು ಜಿಲ್ಲಾ ಕಾನೂನು ಸೇವೆಗಳ ಪ್ರಾಧಿಕಾರದ ಸದಸ್ಯ ಕಾರ್ಯದರ್ಶಿ ಹಾಗೂ ಹಿರಿಯ ಸಿವಿಲ್ ನ್ಯಾಯಾಧೀಶ ಮನು ಪಟೇಲ್ ಹೇಳಿದರು. ಅವರು ನಗರದಲ್ಲಿ ನಡೆದ ಗ್ರಾಮ ಮಟ್ಟದಲ್ಲಿ ರಕ್ಷಣಾ ಸಮಿತಿ ಬಲವರ್ಧನೆ, ಮಕ್ಕಳ ರಕ್ಷಣೆ ಕುರಿತ ತರಬೇತಿ ಕಾರ್ಯಾಗಾರವನ್ನು ಉದ್ಘಾಟಿಸಿ ಮಾತನಾಡಿದರು. ಮಕ್ಕಳ ಹಕ್ಕುಗಳ ರಕ್ಷಣೆ, ಬಾಲ್ಯವಿವಾಹ ತಡೆ, ಬಾಲ ಕಾರ್ಮಿಕ ಪದ್ಧತಿ ನಿರ್ಮೂಲನೆ ಕುರಿತು ಜಾಗೃತಿ ಮೂಡಿಸುವಲ್ಲಿ ಆಶಾ ಹಾಗೂ ಅಂಗನವಾಡಿ ಕಾರ್ಯಕರ್ತೆಯರ ಪಾತ್ರ ಮಹತ್ವದ್ದು ಎಂದರು. ಕಾರ್ಯಕ್ರಮದಲ್ಲಿ ಜಿಲ್ಲಾ ಮಕ್ಕಳ ರಕ್ಷಣಾಧಿಕಾರಿ ಹಾಗೂ ಇಲಾಖೆಯ ಅಧಿಕಾರಿಗಳು ಉಪಸ್ಥಿತರಿದ್ದರು.
ಉಡುಪಿ: ಮಕ್ಕಳ ರಕ್ಷಣೆಗಾಗಿಯೇ ಅನುಷ್ಠಾನ ಗೊಳಿಸಲಾಗಿರುವ ಕಾಯ್ದೆ ಹಾಗೂ ಕಾರ್ಯಕ್ರಮಗಳನ್ನು ಆಶಾ ಹಾಗೂ ಅಂಗನವಾಡಿ ಕಾರ್ಯಕರ್ತೆಯರು ತಮ್ಮ ವ್ಯಾಪ್ತಿಯಲ್ಲಿ ಪರಿಣಾಮಕಾರಿಯಾಗಿ ಜಾರಿಗೆ ತರಲು ಸಹಕರಿಸಬೇಕು ಎಂದು ಜಿಲ್ಲಾ ಕಾನೂನು ಸೇವೆಗಳ ಪ್ರಾಧಿಕಾರದ ಸದಸ್ಯ ಕಾರ್ಯದರ್ಶಿ ಹಾಗೂ ಹಿರಿಯ ಸಿವಿಲ್ ನ್ಯಾಯಾಧೀಶ ಮನು ಪಟೇಲ್ ಹೇಳಿದರು. ಅವರು ನಗರದಲ್ಲಿ ನಡೆದ ಗ್ರಾಮ ಮಟ್ಟದಲ್ಲಿ ರಕ್ಷಣಾ ಸಮಿತಿ ಬಲವರ್ಧನೆ, ಮಕ್ಕಳ ರಕ್ಷಣೆ ಕುರಿತ ತರಬೇತಿ ಕಾರ್ಯಾಗಾರವನ್ನು ಉದ್ಘಾಟಿಸಿ ಮಾತನಾಡಿದರು. ಮಕ್ಕಳ ಹಕ್ಕುಗಳ ರಕ್ಷಣೆ, ಬಾಲ್ಯವಿವಾಹ ತಡೆ, ಬಾಲ ಕಾರ್ಮಿಕ ಪದ್ಧತಿ ನಿರ್ಮೂಲನೆ ಕುರಿತು ಜಾಗೃತಿ ಮೂಡಿಸುವಲ್ಲಿ ಆಶಾ ಹಾಗೂ ಅಂಗನವಾಡಿ ಕಾರ್ಯಕರ್ತೆಯರ ಪಾತ್ರ ಮಹತ್ವದ್ದು ಎಂದರು. ಕಾರ್ಯಕ್ರಮದಲ್ಲಿ ಜಿಲ್ಲಾ ಮಕ್ಕಳ ರಕ್ಷಣಾಧಿಕಾರಿ ಹಾಗೂ ಇಲಾಖೆಯ ಅಧಿಕಾರಿಗಳು ಉಪಸ್ಥಿತರಿದ್ದರು.
